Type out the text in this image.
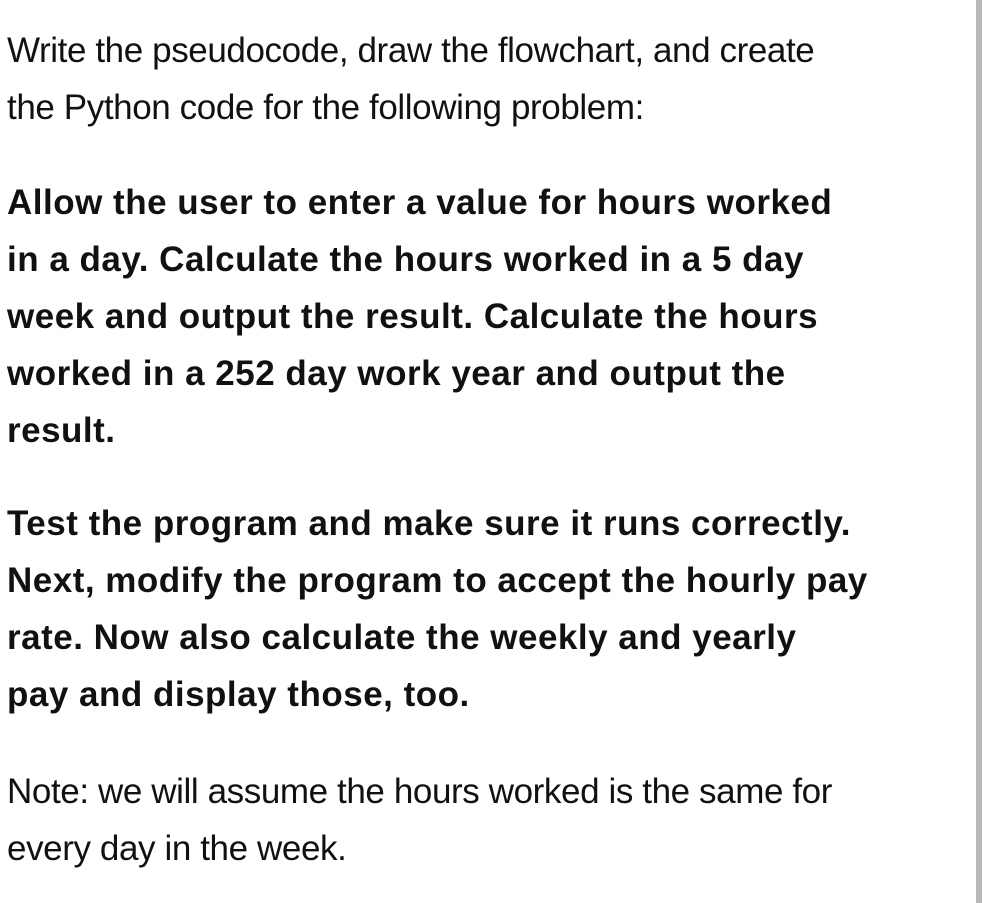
Write the pseudocode, draw the flowchart, and create
the Python code for the following problem:

Allow the user to enter a value for hours worked
in a day. Calculate the hours worked in a 5 day
week and output the result. Calculate the hours
worked in a 252 day work year and output the
result.

Test the program and make sure it runs correctly.
Next, modify the program to accept the hourly pay
rate. Now also calculate the weekly and yearly
pay and display those, too.

Note: we will assume the hours worked is the same for
every day in the week.
